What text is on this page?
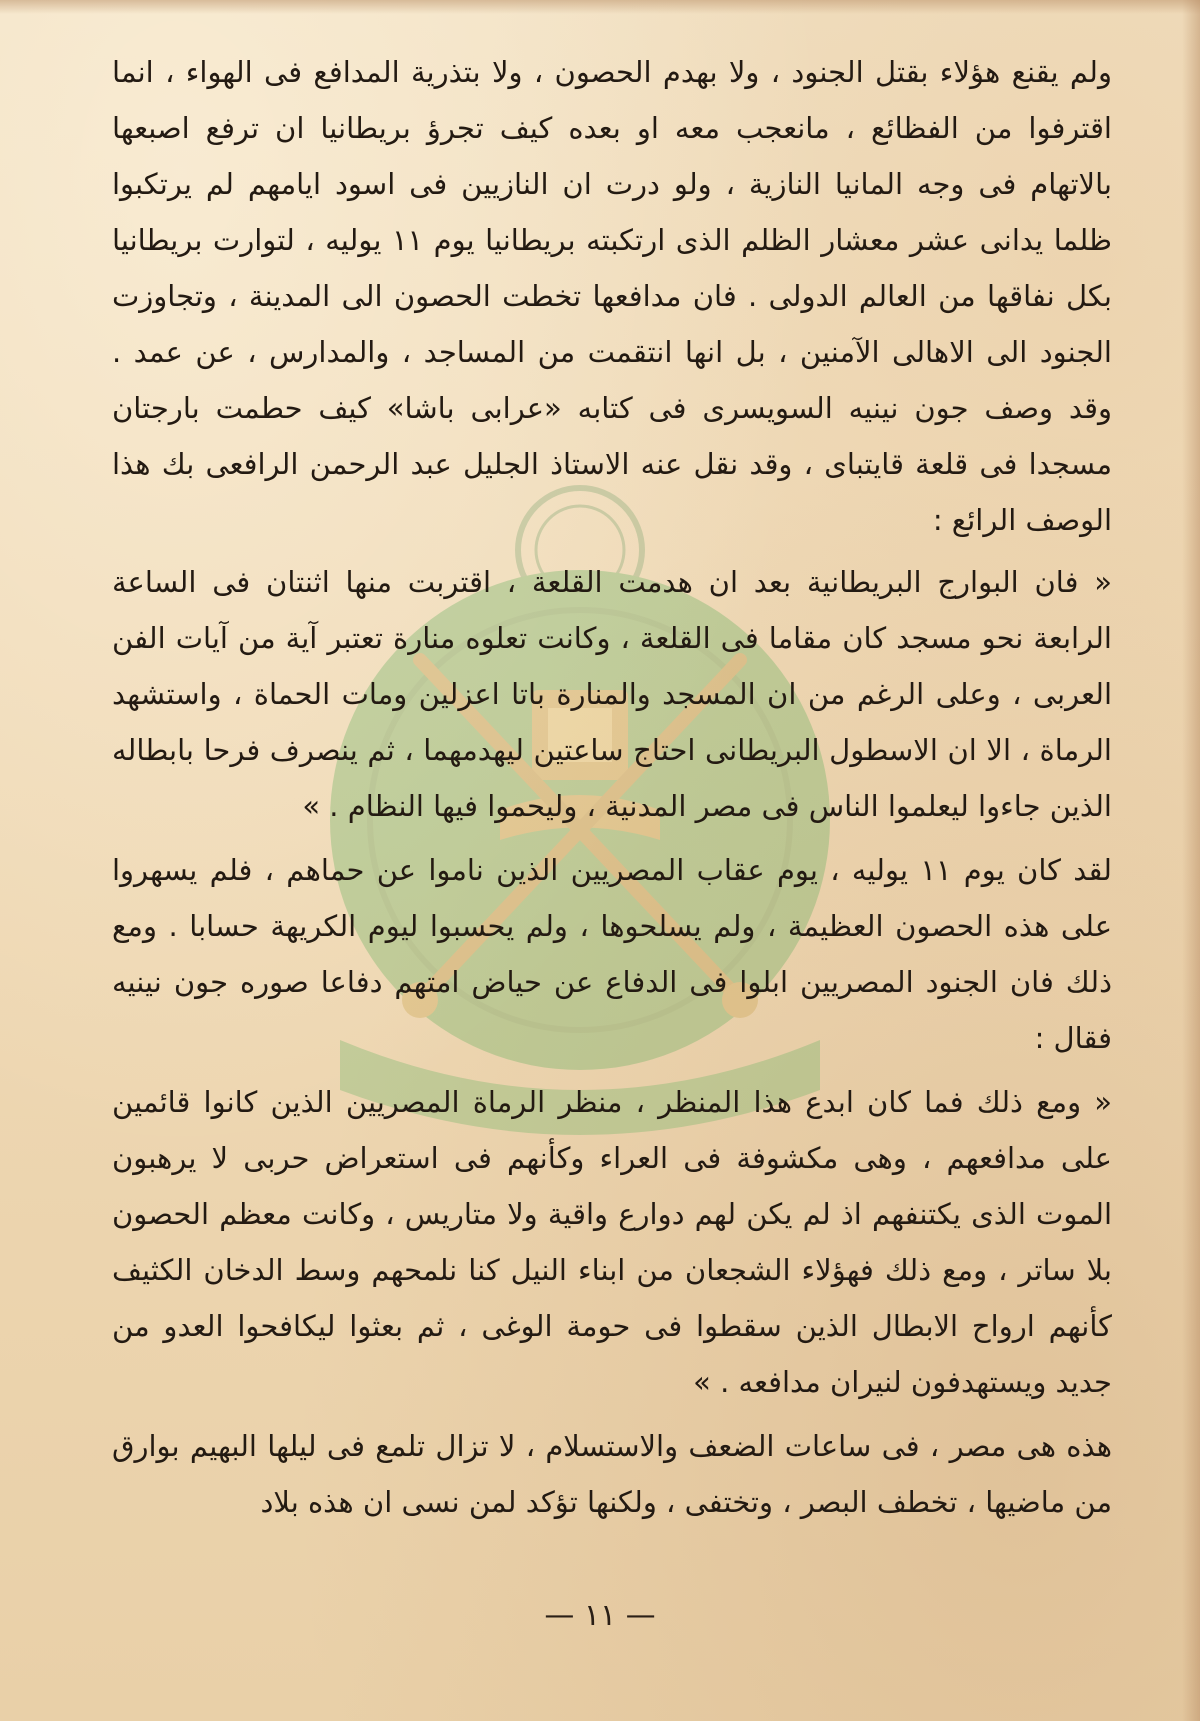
ولم يقنع هؤلاء بقتل الجنود ، ولا بهدم الحصون ، ولا بتذرية المدافع فى الهواء ، انما اقترفوا من الفظائع ، مانعجب معه او بعده كيف تجرؤ بريطانيا ان ترفع اصبعها بالاتهام فى وجه المانيا النازية ، ولو درت ان النازيين فى اسود ايامهم لم يرتكبوا ظلما يدانى عشر معشار الظلم الذى ارتكبته بريطانيا يوم ١١ يوليه ، لتوارت بريطانيا بكل نفاقها من العالم الدولى . فان مدافعها تخطت الحصون الى المدينة ، وتجاوزت الجنود الى الاهالى الآمنين ، بل انها انتقمت من المساجد ، والمدارس ، عن عمد . وقد وصف جون نينيه السويسرى فى كتابه «عرابى باشا» كيف حطمت بارجتان مسجدا فى قلعة قايتباى ، وقد نقل عنه الاستاذ الجليل عبد الرحمن الرافعى بك هذا الوصف الرائع :

« فان البوارج البريطانية بعد ان هدمت القلعة ، اقتربت منها اثنتان فى الساعة الرابعة نحو مسجد كان مقاما فى القلعة ، وكانت تعلوه منارة تعتبر آية من آيات الفن العربى ، وعلى الرغم من ان المسجد والمنارة باتا اعزلين ومات الحماة ، واستشهد الرماة ، الا ان الاسطول البريطانى احتاج ساعتين ليهدمهما ، ثم ينصرف فرحا بابطاله الذين جاءوا ليعلموا الناس فى مصر المدنية ، وليحموا فيها النظام . »

لقد كان يوم ١١ يوليه ، يوم عقاب المصريين الذين ناموا عن حماهم ، فلم يسهروا على هذه الحصون العظيمة ، ولم يسلحوها ، ولم يحسبوا ليوم الكريهة حسابا . ومع ذلك فان الجنود المصريين ابلوا فى الدفاع عن حياض امتهم دفاعا صوره جون نينيه فقال :

« ومع ذلك فما كان ابدع هذا المنظر ، منظر الرماة المصريين الذين كانوا قائمين على مدافعهم ، وهى مكشوفة فى العراء وكأنهم فى استعراض حربى لا يرهبون الموت الذى يكتنفهم اذ لم يكن لهم دوارع واقية ولا متاريس ، وكانت معظم الحصون بلا ساتر ، ومع ذلك فهؤلاء الشجعان من ابناء النيل كنا نلمحهم وسط الدخان الكثيف كأنهم ارواح الابطال الذين سقطوا فى حومة الوغى ، ثم بعثوا ليكافحوا العدو من جديد ويستهدفون لنيران مدافعه . »

هذه هى مصر ، فى ساعات الضعف والاستسلام ، لا تزال تلمع فى ليلها البهيم بوارق من ماضيها ، تخطف البصر ، وتختفى ، ولكنها تؤكد لمن نسى ان هذه بلاد

— ١١ —
